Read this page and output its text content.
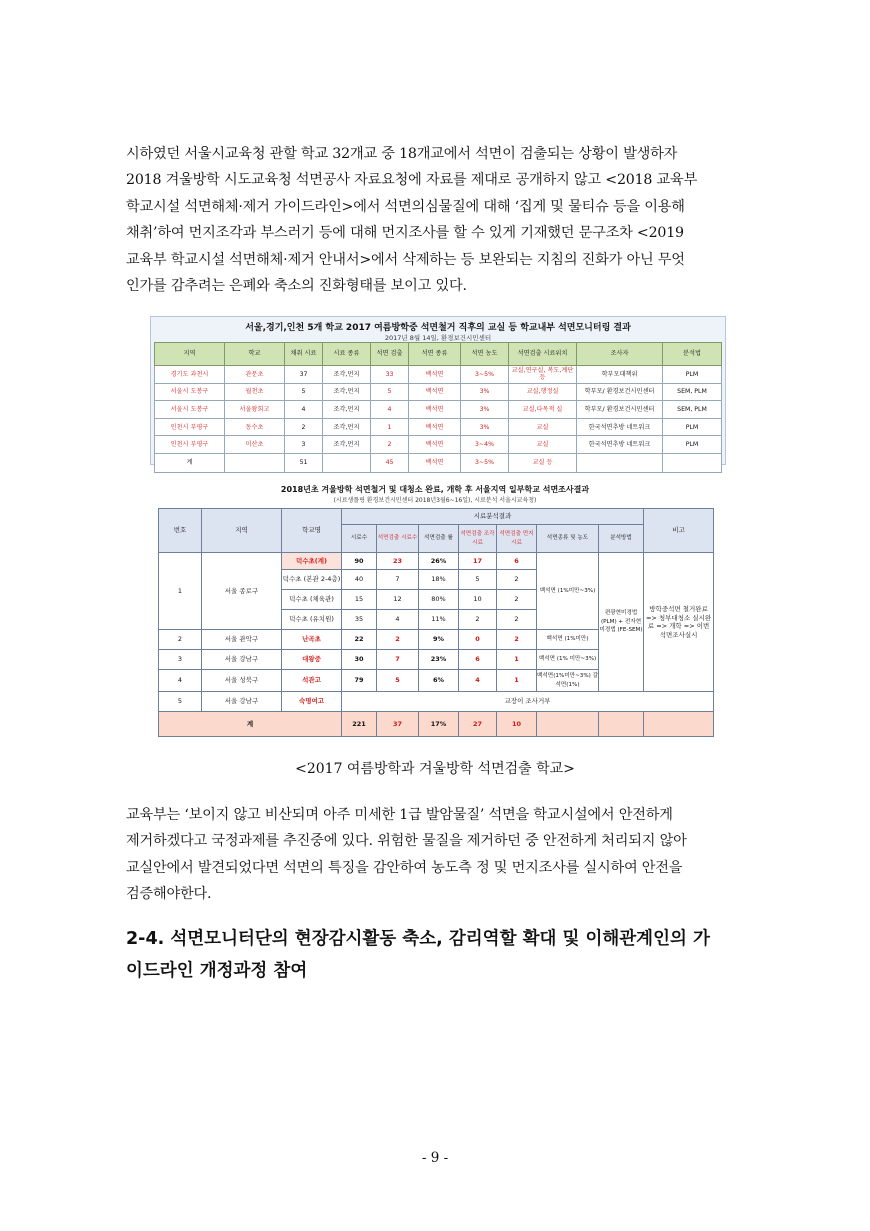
시하였던 서울시교육청 관할 학교 32개교 중 18개교에서 석면이 검출되는 상황이 발생하자
2018 겨울방학 시도교육청 석면공사 자료요청에 자료를 제대로 공개하지 않고 <2018 교육부
학교시설 석면해체·제거 가이드라인>에서 석면의심물질에 대해 ‘집게 및 물티슈 등을 이용해
채취’하여 먼지조각과 부스러기 등에 대해 먼지조사를 할 수 있게 기재했던 문구조차 <2019
교육부 학교시설 석면해체·제거 안내서>에서 삭제하는 등 보완되는 지침의 진화가 아닌 무엇
인가를 감추려는 은폐와 축소의 진화형태를 보이고 있다.
서울,경기,인천 5개 학교 2017 여름방학중 석면철거 직후의 교실 등 학교내부 석면모니터링 결과
2017년 8월 14일, 환경보건시민센터
지역	학교	채취 시료	시료 종류	석면 검출	석면 종류	석면 농도	석면검출 시료위치	조사자	분석법
경기도 과천시	관문초	37	조각,먼지	33	백석면	3~5%	교실,연구실, 복도,계단 등	학부모대책위	PLM
서울시 도봉구	월천초	5	조각,먼지	5	백석면	3%	교실,행정실	학부모/ 환경보건시민센터	SEM, PLM
서울시 도봉구	서울왕회고	4	조각,먼지	4	백석면	3%	교실,다목적 실	학부모/ 환경보건시민센터	SEM, PLM
인천시 부평구	동수초	2	조각,먼지	1	백석면	3%	교실	한국석면추방 네트워크	PLM
인천시 부평구	미산초	3	조각,먼지	2	백석면	3~4%	교실	한국석면추방 네트워크	PLM
계		51		45	백석면	3~5%	교실 등		
2018년초 겨울방학 석면철거 및 대청소 완료, 개학 후 서울지역 일부학교 석면조사결과
(시료생플링 환경보건시민센터 2018년3월6~16일), 시료분석 서울시교육청)
번호	지역	학교명	시료분석결과							비고
			시료수	석면검출 시료수	석면검출 률	석면검출 조각시료	석면검출 먼지시료	석면종류 및 농도	분석방법	
1	서울 종로구	덕수초(계)	90	23	26%	17	6	백석면 (1%미만~3%)	편광현미경법 (PLM) + 전자현미경법 (FE-SEM)	방학중석면 철거완료 => 청부대청소 실시완료 => 개학 => 이번 석면조사실시
		덕수초 (본관 2-4층)	40	7	18%	5	2			
		덕수초 (체육관)	15	12	80%	10	2			
		덕수초 (유치원)	35	4	11%	2	2			
2	서울 관악구	난곡초	22	2	9%	0	2	백석면 (1%미만)		
3	서울 강남구	대왕중	30	7	23%	6	1	백석면 (1% 미만~3%)		
4	서울 성북구	석관고	79	5	6%	4	1	백석면(1%미만~3%) 갈석면(1%)		
5	서울 강남구	숙명여고	교장이 조사거부							
계			221	37	17%	27	10			
<2017 여름방학과 겨울방학 석면검출 학교>
교육부는 ‘보이지 않고 비산되며 아주 미세한 1급 발암물질’ 석면을 학교시설에서 안전하게
제거하겠다고 국정과제를 추진중에 있다. 위험한 물질을 제거하던 중 안전하게 처리되지 않아
교실안에서 발견되었다면 석면의 특징을 감안하여 농도측 정 및 먼지조사를 실시하여 안전을
검증해야한다.
2-4. 석면모니터단의 현장감시활동 축소, 감리역할 확대 및 이해관계인의 가
이드라인 개정과정 참여
- 9 -
